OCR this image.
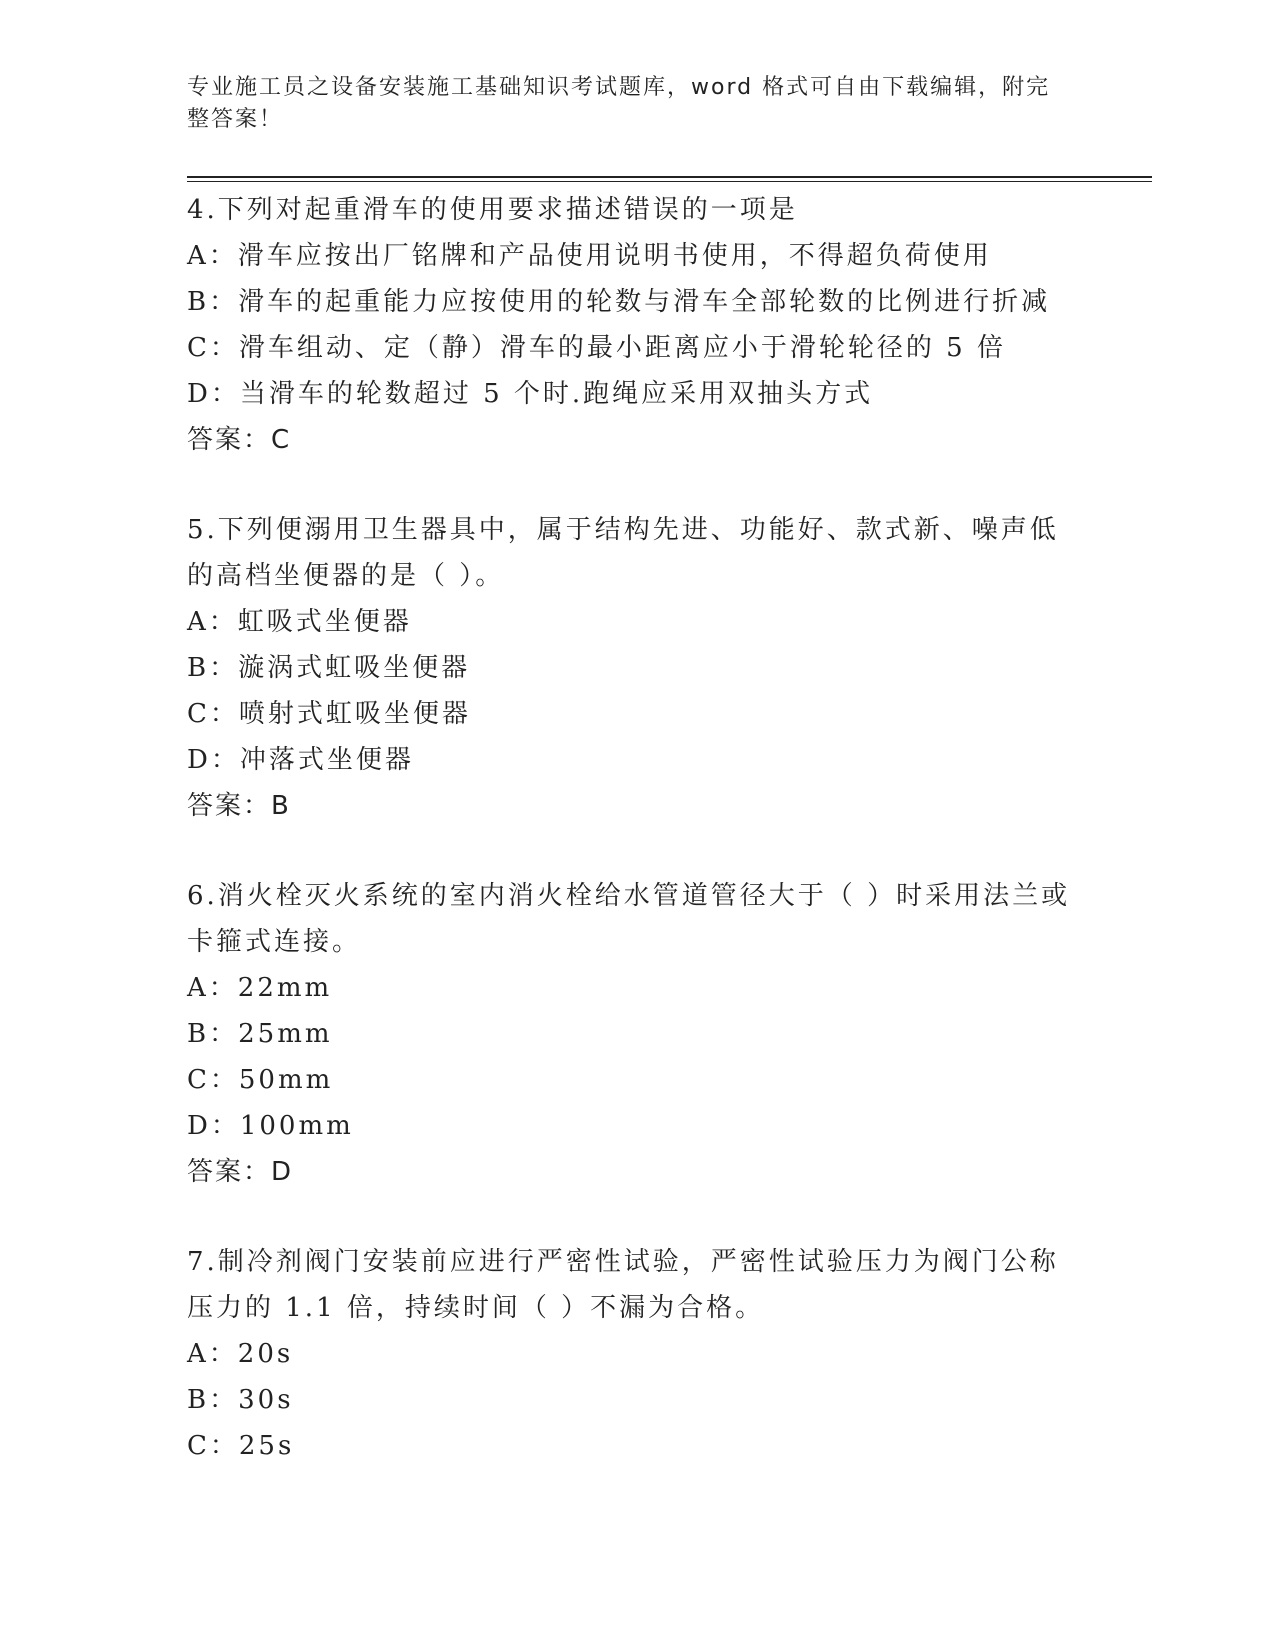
专业施工员之设备安装施工基础知识考试题库，word 格式可自由下载编辑，附完整答案！
4.下列对起重滑车的使用要求描述错误的一项是
A：滑车应按出厂铭牌和产品使用说明书使用，不得超负荷使用
B：滑车的起重能力应按使用的轮数与滑车全部轮数的比例进行折减
C：滑车组动、定（静）滑车的最小距离应小于滑轮轮径的 5 倍
D：当滑车的轮数超过 5 个时.跑绳应采用双抽头方式
答案：C
5.下列便溺用卫生器具中，属于结构先进、功能好、款式新、噪声低的高档坐便器的是（ ）。
A：虹吸式坐便器
B：漩涡式虹吸坐便器
C：喷射式虹吸坐便器
D：冲落式坐便器
答案：B
6.消火栓灭火系统的室内消火栓给水管道管径大于（ ）时采用法兰或卡箍式连接。
A：22mm
B：25mm
C：50mm
D：100mm
答案：D
7.制冷剂阀门安装前应进行严密性试验，严密性试验压力为阀门公称压力的 1.1 倍，持续时间（ ）不漏为合格。
A：20s
B：30s
C：25s
